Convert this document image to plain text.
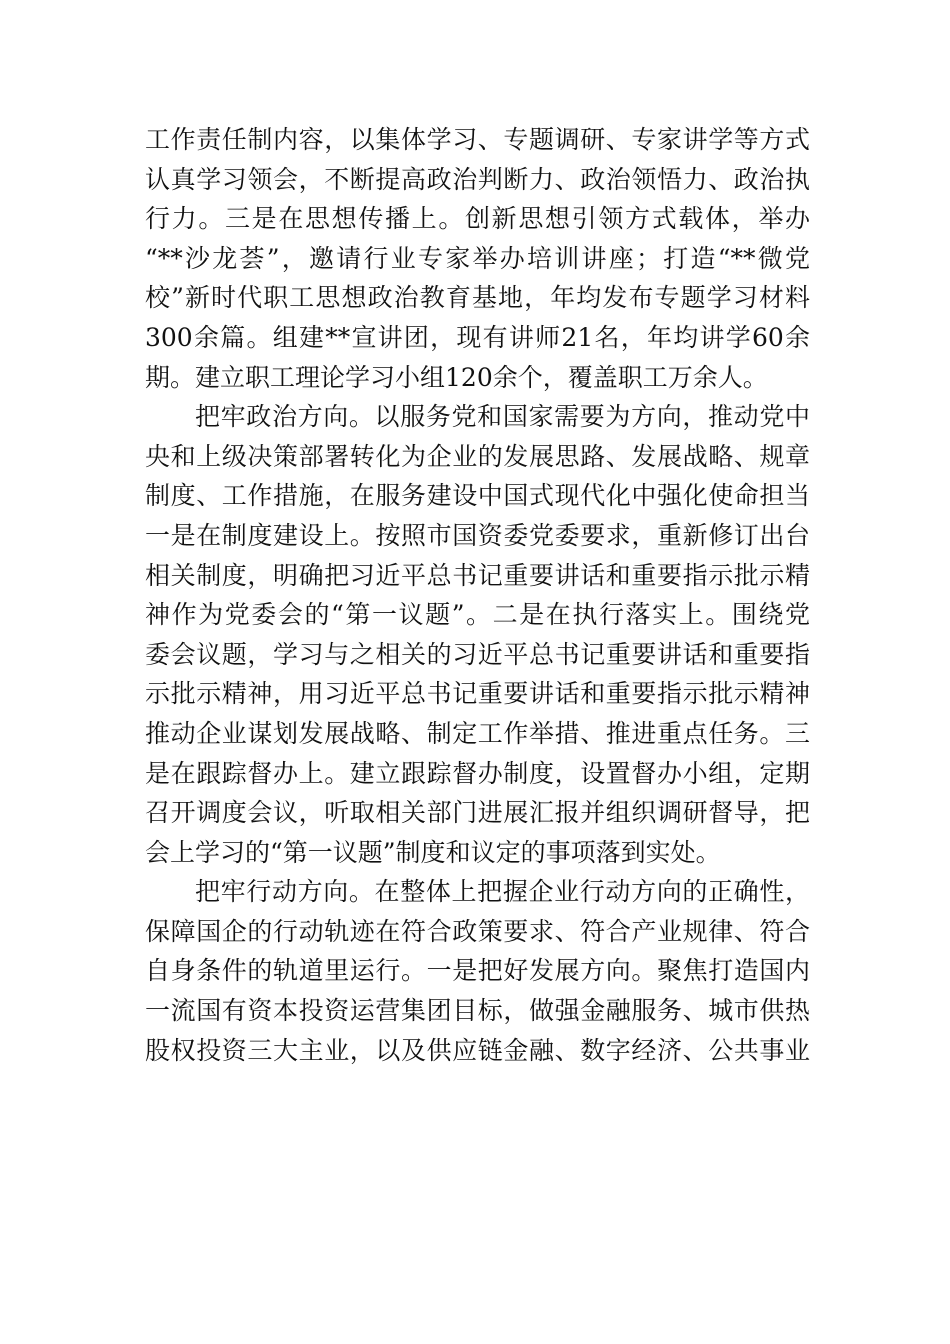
工作责任制内容，以集体学习、专题调研、专家讲学等方式
认真学习领会，不断提高政治判断力、政治领悟力、政治执
行力。三是在思想传播上。创新思想引领方式载体，举办
“**沙龙荟”，邀请行业专家举办培训讲座；打造“**微党
校”新时代职工思想政治教育基地，年均发布专题学习材料
300余篇。组建**宣讲团，现有讲师21名，年均讲学60余
期。建立职工理论学习小组120余个，覆盖职工万余人。
把牢政治方向。以服务党和国家需要为方向，推动党中
央和上级决策部署转化为企业的发展思路、发展战略、规章
制度、工作措施，在服务建设中国式现代化中强化使命担当
一是在制度建设上。按照市国资委党委要求，重新修订出台
相关制度，明确把习近平总书记重要讲话和重要指示批示精
神作为党委会的“第一议题”。二是在执行落实上。围绕党
委会议题，学习与之相关的习近平总书记重要讲话和重要指
示批示精神，用习近平总书记重要讲话和重要指示批示精神
推动企业谋划发展战略、制定工作举措、推进重点任务。三
是在跟踪督办上。建立跟踪督办制度，设置督办小组，定期
召开调度会议，听取相关部门进展汇报并组织调研督导，把
会上学习的“第一议题”制度和议定的事项落到实处。
把牢行动方向。在整体上把握企业行动方向的正确性，
保障国企的行动轨迹在符合政策要求、符合产业规律、符合
自身条件的轨道里运行。一是把好发展方向。聚焦打造国内
一流国有资本投资运营集团目标，做强金融服务、城市供热
股权投资三大主业，以及供应链金融、数字经济、公共事业
